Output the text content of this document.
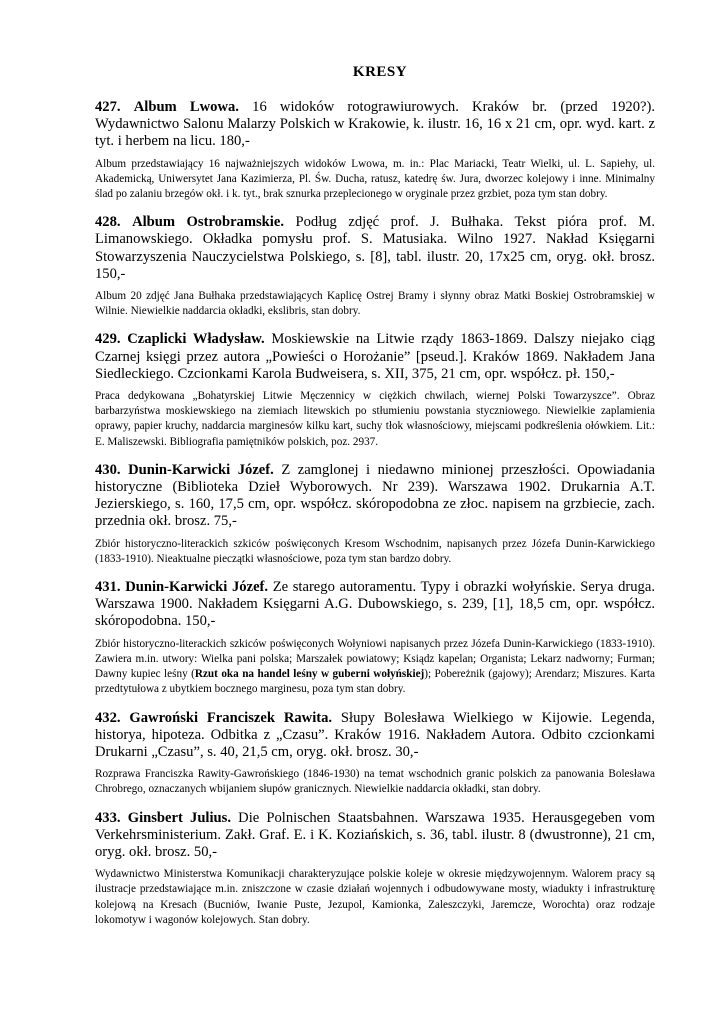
KRESY

427. Album Lwowa. 16 widoków rotograwiurowych. Kraków br. (przed 1920?). Wydawnictwo Salonu Malarzy Polskich w Krakowie, k. ilustr. 16, 16 x 21 cm, opr. wyd. kart. z tyt. i herbem na licu. 180,-

Album przedstawiający 16 najważniejszych widoków Lwowa, m. in.: Plac Mariacki, Teatr Wielki, ul. L. Sapiehy, ul. Akademicką, Uniwersytet Jana Kazimierza, Pl. Św. Ducha, ratusz, katedrę św. Jura, dworzec kolejowy i inne. Minimalny ślad po zalaniu brzegów okł. i k. tyt., brak sznurka przeplecionego w oryginale przez grzbiet, poza tym stan dobry.

428. Album Ostrobramskie. Podług zdjęć prof. J. Bułhaka. Tekst pióra prof. M. Limanowskiego. Okładka pomysłu prof. S. Matusiaka. Wilno 1927. Nakład Księgarni Stowarzyszenia Nauczycielstwa Polskiego, s. [8], tabl. ilustr. 20, 17x25 cm, oryg. okł. brosz. 150,-

Album 20 zdjęć Jana Bułhaka przedstawiających Kaplicę Ostrej Bramy i słynny obraz Matki Boskiej Ostrobramskiej w Wilnie. Niewielkie naddarcia okładki, ekslibris, stan dobry.

429. Czaplicki Władysław. Moskiewskie na Litwie rządy 1863-1869. Dalszy niejako ciąg Czarnej księgi przez autora „Powieści o Horożanie” [pseud.]. Kraków 1869. Nakładem Jana Siedleckiego. Czcionkami Karola Budweisera, s. XII, 375, 21 cm, opr. współcz. pł. 150,-

Praca dedykowana „Bohatyrskiej Litwie Męczennicy w ciężkich chwilach, wiernej Polski Towarzyszce”. Obraz barbarzyństwa moskiewskiego na ziemiach litewskich po stłumieniu powstania styczniowego. Niewielkie zaplamienia oprawy, papier kruchy, naddarcia marginesów kilku kart, suchy tłok własnościowy, miejscami podkreślenia ołówkiem. Lit.: E. Maliszewski. Bibliografia pamiętników polskich, poz. 2937.

430. Dunin-Karwicki Józef. Z zamglonej i niedawno minionej przeszłości. Opowiadania historyczne (Biblioteka Dzieł Wyborowych. Nr 239). Warszawa 1902. Drukarnia A.T. Jezierskiego, s. 160, 17,5 cm, opr. współcz. skóropodobna ze złoc. napisem na grzbiecie, zach. przednia okł. brosz. 75,-

Zbiór historyczno-literackich szkiców poświęconych Kresom Wschodnim, napisanych przez Józefa Dunin-Karwickiego (1833-1910). Nieaktualne pieczątki własnościowe, poza tym stan bardzo dobry.

431. Dunin-Karwicki Józef. Ze starego autoramentu. Typy i obrazki wołyńskie. Serya druga. Warszawa 1900. Nakładem Księgarni A.G. Dubowskiego, s. 239, [1], 18,5 cm, opr. współcz. skóropodobna. 150,-

Zbiór historyczno-literackich szkiców poświęconych Wołyniowi napisanych przez Józefa Dunin-Karwickiego (1833-1910). Zawiera m.in. utwory: Wielka pani polska; Marszałek powiatowy; Ksiądz kapelan; Organista; Lekarz nadworny; Furman; Dawny kupiec leśny (Rzut oka na handel leśny w guberni wołyńskiej); Pobereżnik (gajowy); Arendarz; Miszures. Karta przedtytułowa z ubytkiem bocznego marginesu, poza tym stan dobry.

432. Gawroński Franciszek Rawita. Słupy Bolesława Wielkiego w Kijowie. Legenda, historya, hipoteza. Odbitka z „Czasu”. Kraków 1916. Nakładem Autora. Odbito czcionkami Drukarni „Czasu”, s. 40, 21,5 cm, oryg. okł. brosz. 30,-

Rozprawa Franciszka Rawity-Gawrońskiego (1846-1930) na temat wschodnich granic polskich za panowania Bolesława Chrobrego, oznaczanych wbijaniem słupów granicznych. Niewielkie naddarcia okładki, stan dobry.

433. Ginsbert Julius. Die Polnischen Staatsbahnen. Warszawa 1935. Herausgegeben vom Verkehrsministerium. Zakł. Graf. E. i K. Koziańskich, s. 36, tabl. ilustr. 8 (dwustronne), 21 cm, oryg. okł. brosz. 50,-

Wydawnictwo Ministerstwa Komunikacji charakteryzujące polskie koleje w okresie międzywojennym. Walorem pracy są ilustracje przedstawiające m.in. zniszczone w czasie działań wojennych i odbudowywane mosty, wiadukty i infrastrukturę kolejową na Kresach (Bucniów, Iwanie Puste, Jezupol, Kamionka, Zaleszczyki, Jaremcze, Worochta) oraz rodzaje lokomotyw i wagonów kolejowych. Stan dobry.
